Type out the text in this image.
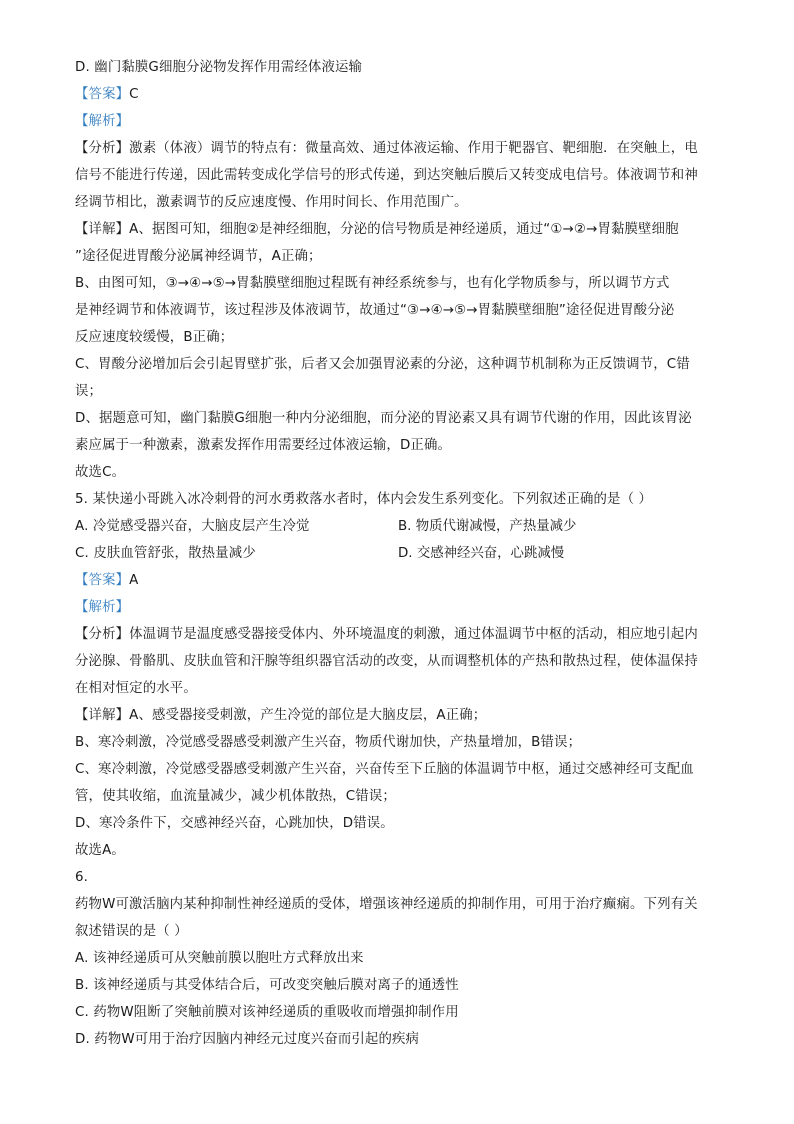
D. 幽门黏膜G细胞分泌物发挥作用需经体液运输
【答案】C
【解析】
【分析】激素（体液）调节的特点有：微量高效、通过体液运输、作用于靶器官、靶细胞．在突触上，电
信号不能进行传递，因此需转变成化学信号的形式传递，到达突触后膜后又转变成电信号。体液调节和神
经调节相比，激素调节的反应速度慢、作用时间长、作用范围广。
【详解】A、据图可知，细胞②是神经细胞，分泌的信号物质是神经递质，通过“①→②→胃黏膜壁细胞
”途径促进胃酸分泌属神经调节，A正确；
B、由图可知，③→④→⑤→胃黏膜壁细胞过程既有神经系统参与，也有化学物质参与，所以调节方式
是神经调节和体液调节，该过程涉及体液调节，故通过“③→④→⑤→胃黏膜壁细胞”途径促进胃酸分泌
反应速度较缓慢，B正确；
C、胃酸分泌增加后会引起胃壁扩张，后者又会加强胃泌素的分泌，这种调节机制称为正反馈调节，C错
误；
D、据题意可知，幽门黏膜G细胞一种内分泌细胞，而分泌的胃泌素又具有调节代谢的作用，因此该胃泌
素应属于一种激素，激素发挥作用需要经过体液运输，D正确。
故选C。
5. 某快递小哥跳入冰冷刺骨的河水勇救落水者时，体内会发生系列变化。下列叙述正确的是（ ）
A. 冷觉感受器兴奋，大脑皮层产生冷觉	B. 物质代谢减慢，产热量减少
C. 皮肤血管舒张，散热量减少	D. 交感神经兴奋，心跳减慢
【答案】A
【解析】
【分析】体温调节是温度感受器接受体内、外环境温度的刺激，通过体温调节中枢的活动，相应地引起内
分泌腺、骨骼肌、皮肤血管和汗腺等组织器官活动的改变，从而调整机体的产热和散热过程，使体温保持
在相对恒定的水平。
【详解】A、感受器接受刺激，产生冷觉的部位是大脑皮层，A正确；
B、寒冷刺激，冷觉感受器感受刺激产生兴奋，物质代谢加快，产热量增加，B错误；
C、寒冷刺激，冷觉感受器感受刺激产生兴奋，兴奋传至下丘脑的体温调节中枢，通过交感神经可支配血
管，使其收缩，血流量减少，减少机体散热，C错误；
D、寒冷条件下，交感神经兴奋，心跳加快，D错误。
故选A。
6.
药物W可激活脑内某种抑制性神经递质的受体，增强该神经递质的抑制作用，可用于治疗癫痫。下列有关
叙述错误的是（ ）
A. 该神经递质可从突触前膜以胞吐方式释放出来
B. 该神经递质与其受体结合后，可改变突触后膜对离子的通透性
C. 药物W阻断了突触前膜对该神经递质的重吸收而增强抑制作用
D. 药物W可用于治疗因脑内神经元过度兴奋而引起的疾病
